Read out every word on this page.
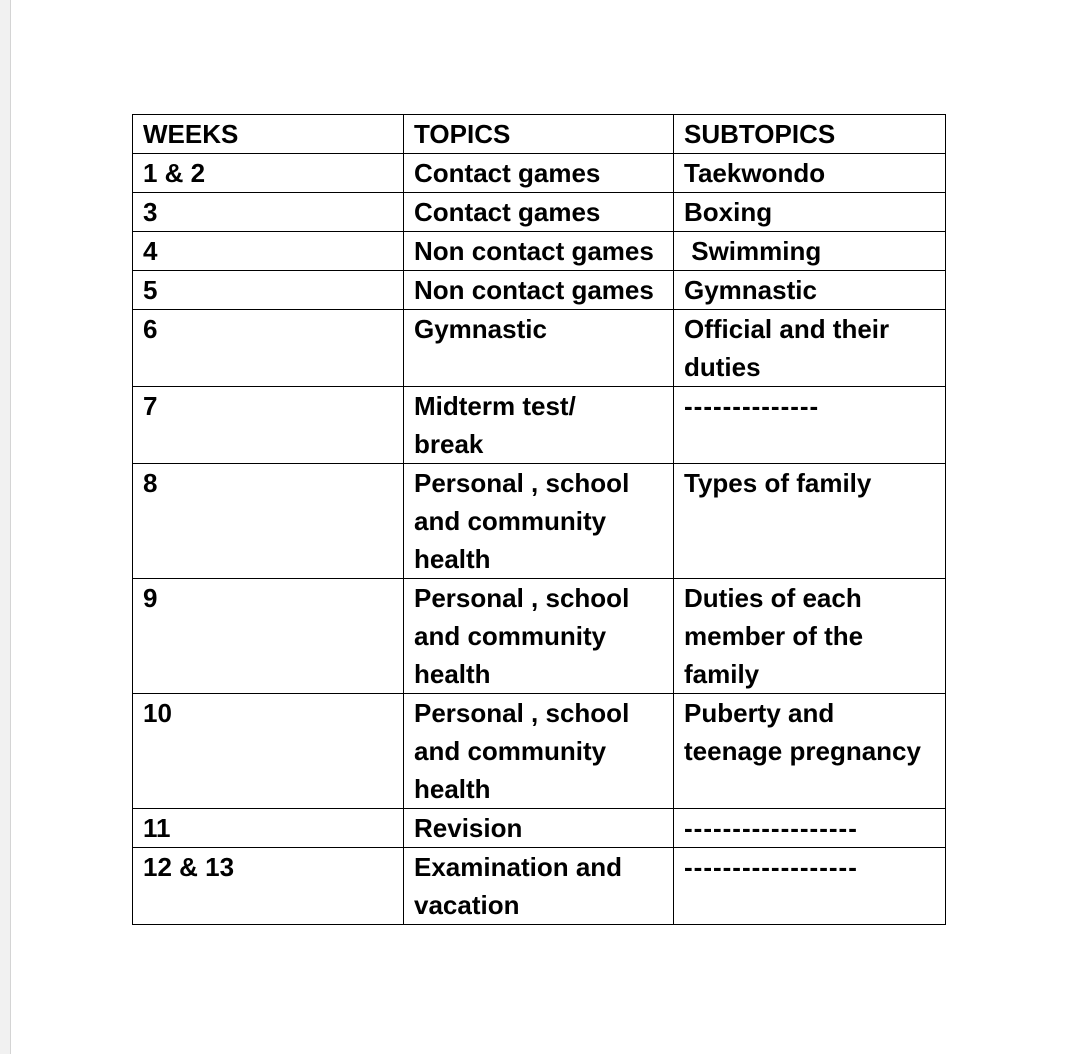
WEEKS	TOPICS	SUBTOPICS
1 & 2	Contact games	Taekwondo
3	Contact games	Boxing
4	Non contact games	Swimming
5	Non contact games	Gymnastic
6	Gymnastic	Official and their duties
7	Midterm test/ break	--------------
8	Personal , school and community health	Types of family
9	Personal , school and community health	Duties of each member of the family
10	Personal , school and community health	Puberty and teenage pregnancy
11	Revision	------------------
12 & 13	Examination and vacation	------------------
